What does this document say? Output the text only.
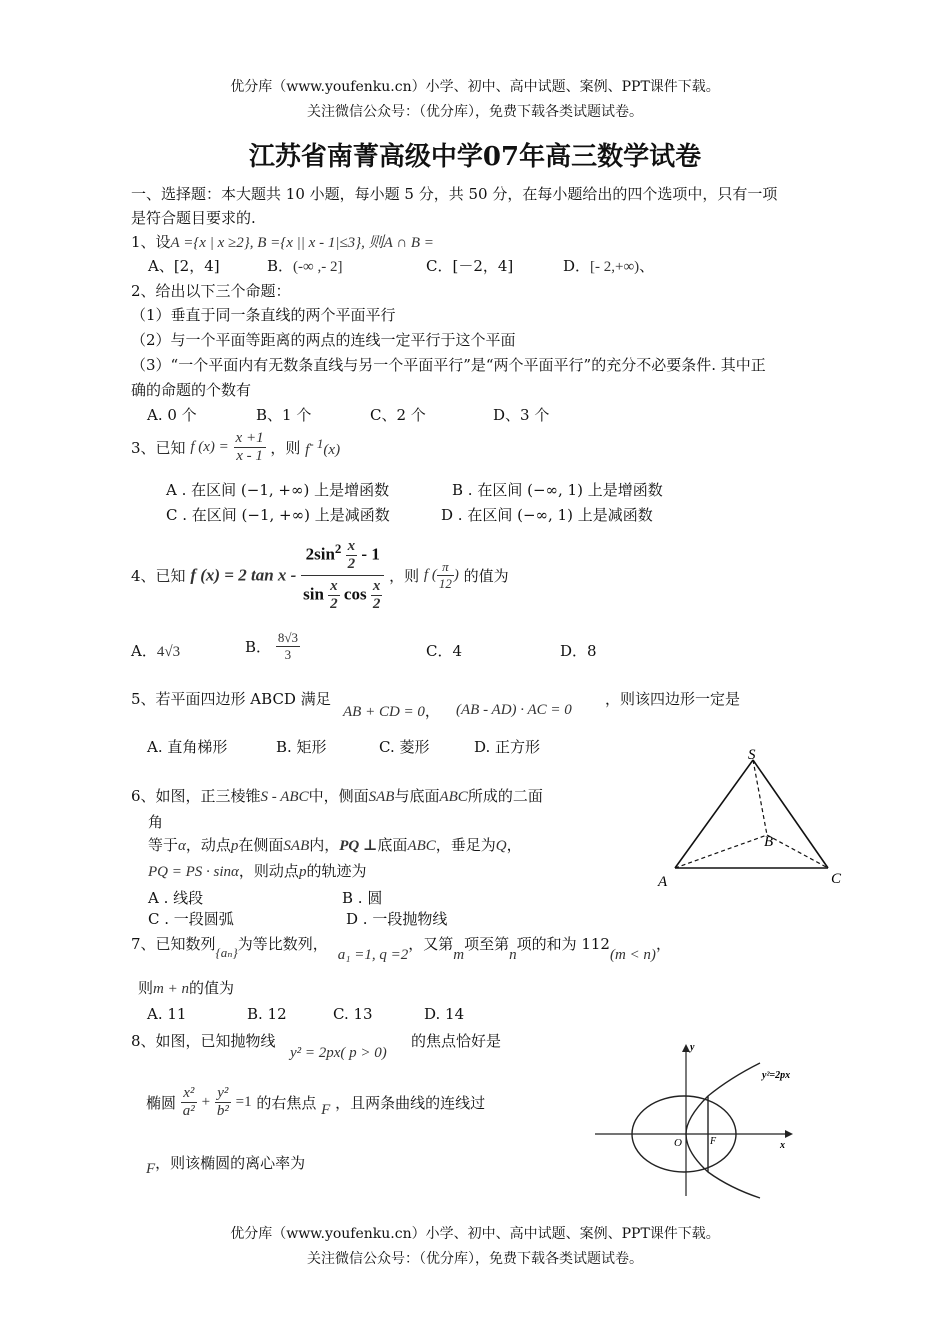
优分库（www.youfenku.cn）小学、初中、高中试题、案例、PPT课件下载。
关注微信公众号：（优分库），免费下载各类试题试卷。
江苏省南菁高级中学07年高三数学试卷
一、选择题：本大题共 10 小题，每小题 5 分，共 50 分，在每小题给出的四个选项中，只有一项
是符合题目要求的.
1、设A ={x | x ≥2}, B ={x || x - 1|≤3}, 则A ∩ B =
A、[2，4]	B．(-∞ ,- 2]	C．[－2，4]	D．[- 2,+∞)、
2、给出以下三个命题：
（1）垂直于同一条直线的两个平面平行
（2）与一个平面等距离的两点的连线一定平行于这个平面
（3）“一个平面内有无数条直线与另一个平面平行”是“两个平面平行”的充分不必要条件. 其中正
确的命题的个数有
A. 0 个	B、1 个	C、2 个	D、3 个
3、已知 f $(x) = \frac{x +1}{x - 1}$ ，则 $f^{- 1}(x)$
A . 在区间 (−1, +∞) 上是增函数	B . 在区间 (−∞, 1) 上是增函数
C . 在区间 (−1, +∞) 上是减函数	D . 在区间 (−∞, 1) 上是减函数
4、已知 f (x) = 2 tan x - $\frac{2\sin^2 \frac{x}{2} - 1}{\sin \frac{x}{2} \cos \frac{x}{2}}$ ，则 f ( $\frac{\pi}{12}$ ) 的值为
A．4√3	B． $\frac{8√3}{3}$	C．4	D．8
5、若平面四边形 ABCD 满足
AB + CD = 0， (AB - AD) · AC = 0
，则该四边形一定是
A. 直角梯形	B. 矩形	C. 菱形	D. 正方形
6、如图，正三棱锥S - ABC中，侧面SAB与底面ABC所成的二面
角
等于α，动点p在侧面SAB内，PQ ⊥底面ABC，垂足为Q，
PQ = PS · sinα，则动点p的轨迹为
A . 线段	B . 圆
C . 一段圆弧	D . 一段抛物线
S
A
B
C
7、已知数列{aₙ}为等比数列，a₁ =1, q =2，又第m项至第n项的和为 112(m < n)，
则m + n的值为
A. 11	B. 12	C. 13	D. 14
8、如图，已知抛物线
y² = 2px( p > 0)
的焦点恰好是
椭圆 $\frac{\text{x²}}{\text{a²}} + \frac{\text{y²}}{\text{b²}} =1$ 的右焦点 F ，且两条曲线的连线过
F，则该椭圆的离心率为
y
x
O	F
y²=2px
优分库（www.youfenku.cn）小学、初中、高中试题、案例、PPT课件下载。
关注微信公众号：（优分库），免费下载各类试题试卷。
